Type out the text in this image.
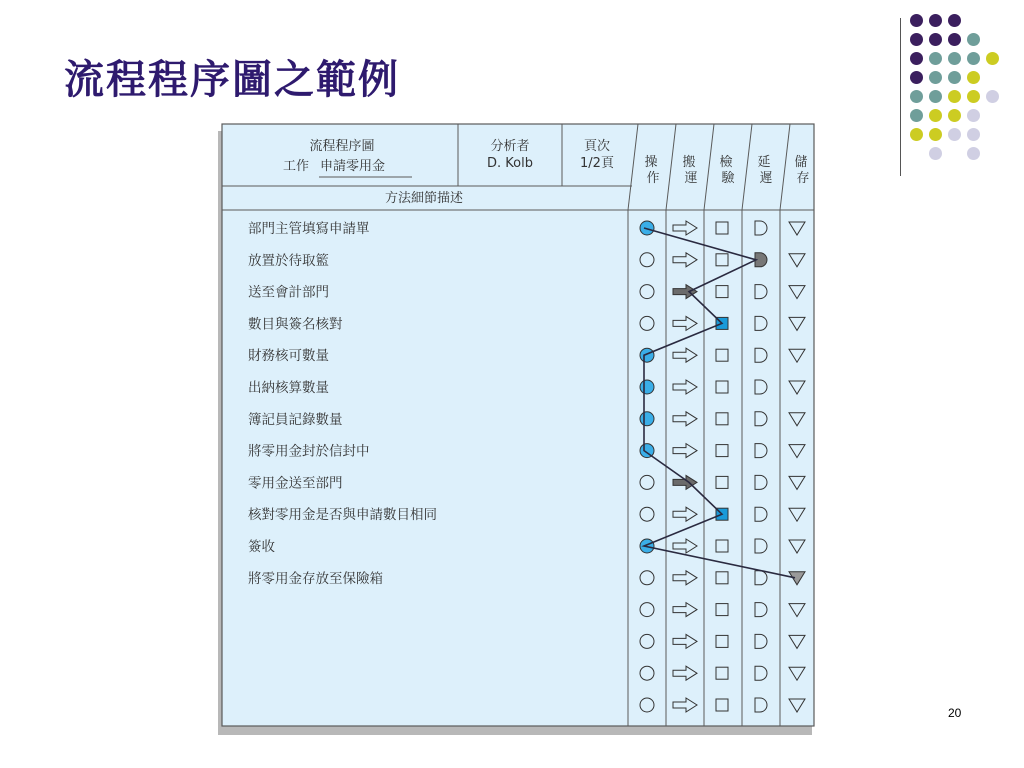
流程程序圖之範例
流程程序圖
工作 申請零用金
分析者
D. Kolb
頁次
1/2頁
方法細節描述
操
作
搬
運
檢
驗
延
遲
儲
存
部門主管填寫申請單
放置於待取籃
送至會計部門
數目與簽名核對
財務核可數量
出納核算數量
簿記員記錄數量
將零用金封於信封中
零用金送至部門
核對零用金是否與申請數目相同
簽收
將零用金存放至保險箱
20
